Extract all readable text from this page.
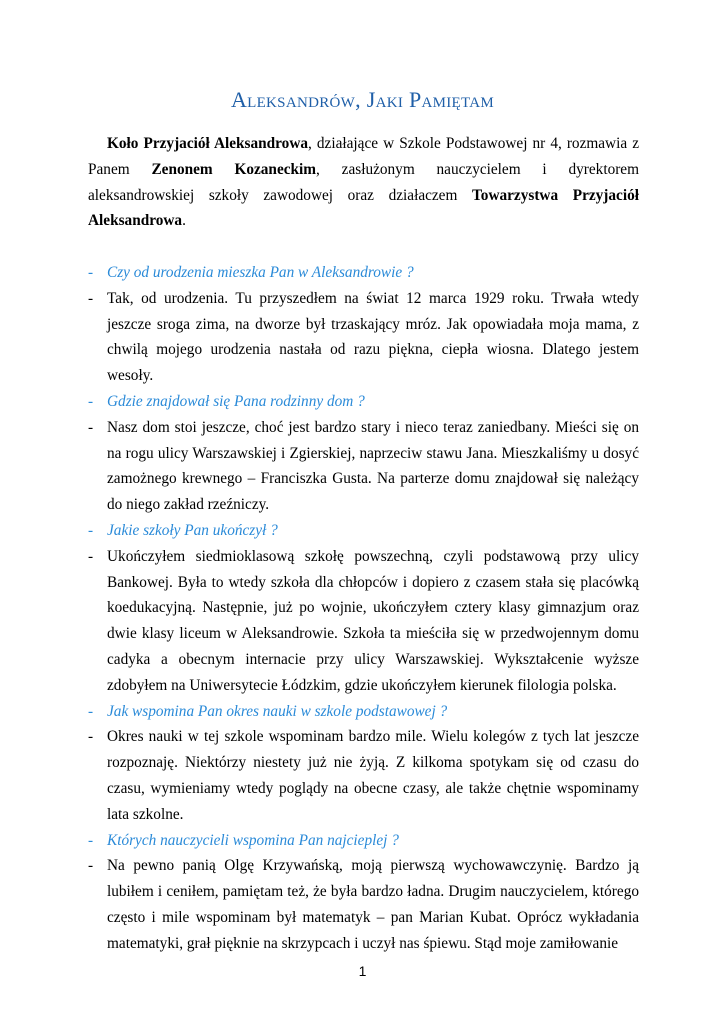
Aleksandrów, Jaki Pamiętam

Koło Przyjaciół Aleksandrowa, działające w Szkole Podstawowej nr 4, rozmawia z Panem Zenonem Kozaneckim, zasłużonym nauczycielem i dyrektorem aleksandrowskiej szkoły zawodowej oraz działaczem Towarzystwa Przyjaciół Aleksandrowa.

- Czy od urodzenia mieszka Pan w Aleksandrowie ?
- Tak, od urodzenia. Tu przyszedłem na świat 12 marca 1929 roku. Trwała wtedy jeszcze sroga zima, na dworze był trzaskający mróz. Jak opowiadała moja mama, z chwilą mojego urodzenia nastała od razu piękna, ciepła wiosna. Dlatego jestem wesoły.
- Gdzie znajdował się Pana rodzinny dom ?
- Nasz dom stoi jeszcze, choć jest bardzo stary i nieco teraz zaniedbany. Mieści się on na rogu ulicy Warszawskiej i Zgierskiej, naprzeciw stawu Jana. Mieszkaliśmy u dosyć zamożnego krewnego – Franciszka Gusta. Na parterze domu znajdował się należący do niego zakład rzeźniczy.
- Jakie szkoły Pan ukończył ?
- Ukończyłem siedmioklasową szkołę powszechną, czyli podstawową przy ulicy Bankowej. Była to wtedy szkoła dla chłopców i dopiero z czasem stała się placówką koedukacyjną. Następnie, już po wojnie, ukończyłem cztery klasy gimnazjum oraz dwie klasy liceum w Aleksandrowie. Szkoła ta mieściła się w przedwojennym domu cadyka a obecnym internacie przy ulicy Warszawskiej. Wykształcenie wyższe zdobyłem na Uniwersytecie Łódzkim, gdzie ukończyłem kierunek filologia polska.
- Jak wspomina Pan okres nauki w szkole podstawowej ?
- Okres nauki w tej szkole wspominam bardzo mile. Wielu kolegów z tych lat jeszcze rozpoznaję. Niektórzy niestety już nie żyją. Z kilkoma spotykam się od czasu do czasu, wymieniamy wtedy poglądy na obecne czasy, ale także chętnie wspominamy lata szkolne.
- Których nauczycieli wspomina Pan najcieplej ?
- Na pewno panią Olgę Krzywańską, moją pierwszą wychowawczynię. Bardzo ją lubiłem i ceniłem, pamiętam też, że była bardzo ładna. Drugim nauczycielem, którego często i mile wspominam był matematyk – pan Marian Kubat. Oprócz wykładania matematyki, grał pięknie na skrzypcach i uczył nas śpiewu. Stąd moje zamiłowanie
1
